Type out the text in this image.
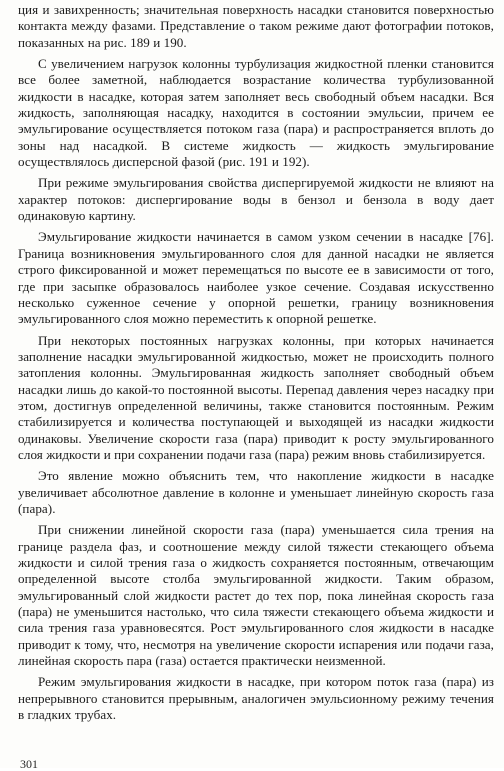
ция и завихренность; значительная поверхность насадки становится поверхностью контакта между фазами. Представление о таком режиме дают фотографии потоков, показанных на рис. 189 и 190.

С увеличением нагрузок колонны турбулизация жидкостной пленки становится все более заметной, наблюдается возрастание количества турбулизованной жидкости в насадке, которая затем заполняет весь свободный объем насадки. Вся жидкость, заполняющая насадку, находится в состоянии эмульсии, причем ее эмульгирование осуществляется потоком газа (пара) и распространяется вплоть до зоны над насадкой. В системе жидкость — жидкость эмульгирование осуществлялось дисперсной фазой (рис. 191 и 192).

При режиме эмульгирования свойства диспергируемой жидкости не влияют на характер потоков: диспергирование воды в бензол и бензола в воду дает одинаковую картину.

Эмульгирование жидкости начинается в самом узком сечении в насадке [76]. Граница возникновения эмульгированного слоя для данной насадки не является строго фиксированной и может перемещаться по высоте ее в зависимости от того, где при засыпке образовалось наиболее узкое сечение. Создавая искусственно несколько суженное сечение у опорной решетки, границу возникновения эмульгированного слоя можно переместить к опорной решетке.

При некоторых постоянных нагрузках колонны, при которых начинается заполнение насадки эмульгированной жидкостью, может не происходить полного затопления колонны. Эмульгированная жидкость заполняет свободный объем насадки лишь до какой-то постоянной высоты. Перепад давления через насадку при этом, достигнув определенной величины, также становится постоянным. Режим стабилизируется и количества поступающей и выходящей из насадки жидкости одинаковы. Увеличение скорости газа (пара) приводит к росту эмульгированного слоя жидкости и при сохранении подачи газа (пара) режим вновь стабилизируется.

Это явление можно объяснить тем, что накопление жидкости в насадке увеличивает абсолютное давление в колонне и уменьшает линейную скорость газа (пара).

При снижении линейной скорости газа (пара) уменьшается сила трения на границе раздела фаз, и соотношение между силой тяжести стекающего объема жидкости и силой трения газа о жидкость сохраняется постоянным, отвечающим определенной высоте столба эмульгированной жидкости. Таким образом, эмульгированный слой жидкости растет до тех пор, пока линейная скорость газа (пара) не уменьшится настолько, что сила тяжести стекающего объема жидкости и сила трения газа уравновесятся. Рост эмульгированного слоя жидкости в насадке приводит к тому, что, несмотря на увеличение скорости испарения или подачи газа, линейная скорость пара (газа) остается практически неизменной.

Режим эмульгирования жидкости в насадке, при котором поток газа (пара) из непрерывного становится прерывным, аналогичен эмульсионному режиму течения в гладких трубах.

301
